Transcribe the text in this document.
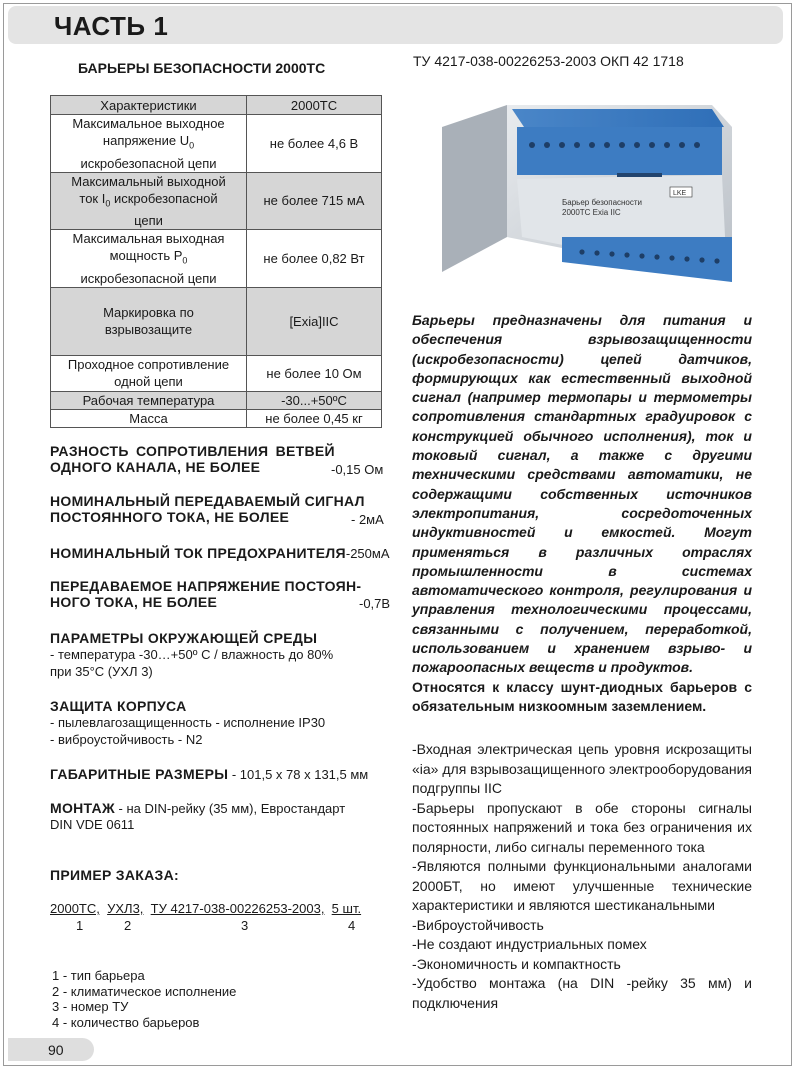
ЧАСТЬ 1
БАРЬЕРЫ БЕЗОПАСНОСТИ 2000ТС	ТУ 4217-038-00226253-2003 ОКП 42 1718
Характеристики	2000ТС
Максимальное выходное
напряжение $U_0$
искробезопасной цепи	не более 4,6 В
Максимальный выходной
ток $I_0$ искробезопасной
цепи	не более 715 мА
Максимальная выходная
мощность $P_0$
искробезопасной цепи	не более 0,82 Вт
Маркировка по
взрывозащите	[Exia]IIC
Проходное сопротивление
одной цепи	не более 10 Ом
Рабочая температура	-30...+50ºС
Масса	не более 0,45 кг
РАЗНОСТЬ СОПРОТИВЛЕНИЯ ВЕТВЕЙ
ОДНОГО КАНАЛА, НЕ БОЛЕЕ	-0,15 Ом
НОМИНАЛЬНЫЙ ПЕРЕДАВАЕМЫЙ СИГНАЛ
ПОСТОЯННОГО ТОКА, НЕ БОЛЕЕ	- 2мА
НОМИНАЛЬНЫЙ ТОК ПРЕДОХРАНИТЕЛЯ-250мА
ПЕРЕДАВАЕМОЕ НАПРЯЖЕНИЕ ПОСТОЯН-
НОГО ТОКА, НЕ БОЛЕЕ	-0,7В
ПАРАМЕТРЫ ОКРУЖАЮЩЕЙ СРЕДЫ
- температура -30…+50º С / влажность до 80%
при 35°С (УХЛ 3)
ЗАЩИТА КОРПУСА
- пылевлагозащищенность - исполнение IP30
- виброустойчивость - N2
ГАБАРИТНЫЕ РАЗМЕРЫ - 101,5 х 78 х 131,5 мм
МОНТАЖ - на DIN-рейку (35 мм), Евростандарт
DIN VDE 0611
ПРИМЕР ЗАКАЗА:
2000ТС, УХЛ3, ТУ 4217-038-00226253-2003, 5 шт.
1	2	3	4
1 - тип барьера
2 - климатическое исполнение
3 - номер ТУ
4 - количество барьеров
Барьер безопасности
2000ТС Exia IIC
LKE
Барьеры предназначены для питания и обеспечения взрывозащищенности (искробезопасности) цепей датчиков, формирующих как естественный выходной сигнал (например термопары и термометры сопротивления стандартных градуировок с конструкцией обычного исполнения), ток и токовый сигнал, а также с другими техническими средствами автоматики, не содержащими собственных источников электропитания, сосредоточенных индуктивностей и емкостей. Могут применяться в различных отраслях промышленности в системах автоматического контроля, регулирования и управления технологическими процессами, связанными с получением, переработкой, использованием и хранением взрыво- и пожароопасных веществ и продуктов.
Относятся к классу шунт-диодных барьеров с обязательным низкоомным заземлением.
-Входная электрическая цепь уровня искрозащиты «ia» для взрывозащищенного электрооборудования подгруппы IIC
-Барьеры пропускают в обе стороны сигналы постоянных напряжений и тока без ограничения их полярности, либо сигналы переменного тока
-Являются полными функциональными аналогами 2000БТ, но имеют улучшенные технические характеристики и являются шестиканальными
-Виброустойчивость
-Не создают индустриальных помех
-Экономичность и компактность
-Удобство монтажа (на DIN -рейку 35 мм) и подключения
90
